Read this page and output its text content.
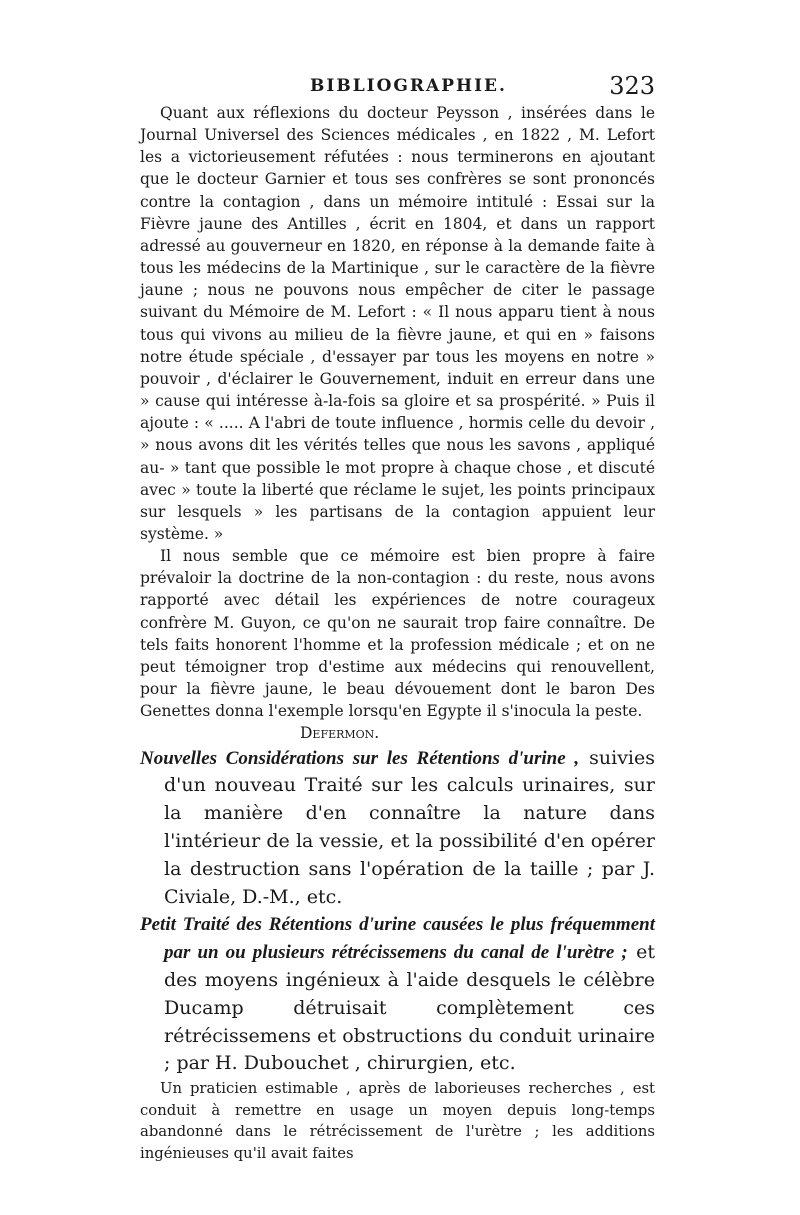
BIBLIOGRAPHIE.	323

Quant aux réflexions du docteur Peysson , insérées dans le Journal Universel des Sciences médicales , en 1822 , M. Lefort les a victorieusement réfutées : nous terminerons en ajoutant que le docteur Garnier et tous ses confrères se sont prononcés contre la contagion , dans un mémoire intitulé : Essai sur la Fièvre jaune des Antilles , écrit en 1804, et dans un rapport adressé au gouverneur en 1820, en réponse à la demande faite à tous les médecins de la Martinique , sur le caractère de la fièvre jaune ; nous ne pouvons nous empêcher de citer le passage suivant du Mémoire de M. Lefort : « Il nous apparu tient à nous tous qui vivons au milieu de la fièvre jaune, et qui en » faisons notre étude spéciale , d'essayer par tous les moyens en notre » pouvoir , d'éclairer le Gouvernement, induit en erreur dans une » cause qui intéresse à-la-fois sa gloire et sa prospérité. » Puis il ajoute : « ..... A l'abri de toute influence , hormis celle du devoir , » nous avons dit les vérités telles que nous les savons , appliqué au- » tant que possible le mot propre à chaque chose , et discuté avec » toute la liberté que réclame le sujet, les points principaux sur lesquels » les partisans de la contagion appuient leur système. »

Il nous semble que ce mémoire est bien propre à faire prévaloir la doctrine de la non-contagion : du reste, nous avons rapporté avec détail les expériences de notre courageux confrère M. Guyon, ce qu'on ne saurait trop faire connaître. De tels faits honorent l'homme et la profession médicale ; et on ne peut témoigner trop d'estime aux médecins qui renouvellent, pour la fièvre jaune, le beau dévouement dont le baron Des Genettes donna l'exemple lorsqu'en Egypte il s'inocula la peste.

Defermon.

Nouvelles Considérations sur les Rétentions d'urine , suivies d'un nouveau Traité sur les calculs urinaires, sur la manière d'en connaître la nature dans l'intérieur de la vessie, et la possibilité d'en opérer la destruction sans l'opération de la taille ; par J. Civiale, D.-M., etc.

Petit Traité des Rétentions d'urine causées le plus fréquemment par un ou plusieurs rétrécissemens du canal de l'urètre ; et des moyens ingénieux à l'aide desquels le célèbre Ducamp détruisait complètement ces rétrécissemens et obstructions du conduit urinaire ; par H. Dubouchet , chirurgien, etc.

Un praticien estimable , après de laborieuses recherches , est conduit à remettre en usage un moyen depuis long-temps abandonné dans le rétrécissement de l'urètre ; les additions ingénieuses qu'il avait faites
